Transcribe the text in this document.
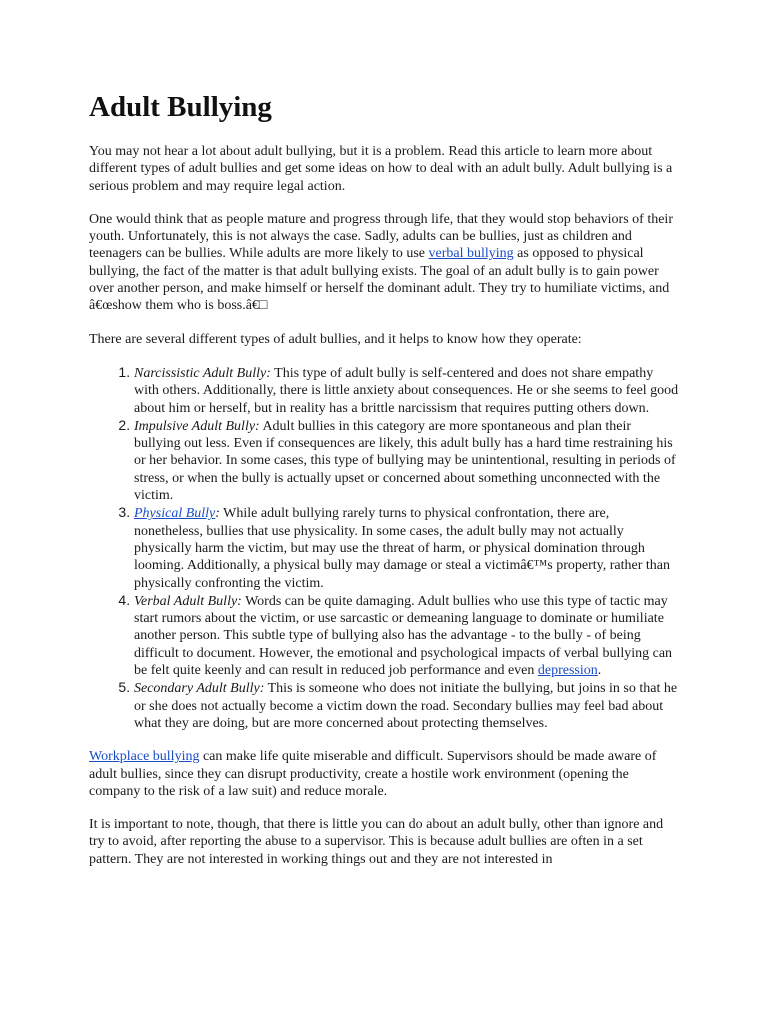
Adult Bullying

You may not hear a lot about adult bullying, but it is a problem. Read this article to learn more about different types of adult bullies and get some ideas on how to deal with an adult bully. Adult bullying is a serious problem and may require legal action.

One would think that as people mature and progress through life, that they would stop behaviors of their youth. Unfortunately, this is not always the case. Sadly, adults can be bullies, just as children and teenagers can be bullies. While adults are more likely to use verbal bullying as opposed to physical bullying, the fact of the matter is that adult bullying exists. The goal of an adult bully is to gain power over another person, and make himself or herself the dominant adult. They try to humiliate victims, and â€œshow them who is boss.â€□

There are several different types of adult bullies, and it helps to know how they operate:

1. Narcissistic Adult Bully: This type of adult bully is self-centered and does not share empathy with others. Additionally, there is little anxiety about consequences. He or she seems to feel good about him or herself, but in reality has a brittle narcissism that requires putting others down.
2. Impulsive Adult Bully: Adult bullies in this category are more spontaneous and plan their bullying out less. Even if consequences are likely, this adult bully has a hard time restraining his or her behavior. In some cases, this type of bullying may be unintentional, resulting in periods of stress, or when the bully is actually upset or concerned about something unconnected with the victim.
3. Physical Bully: While adult bullying rarely turns to physical confrontation, there are, nonetheless, bullies that use physicality. In some cases, the adult bully may not actually physically harm the victim, but may use the threat of harm, or physical domination through looming. Additionally, a physical bully may damage or steal a victimâ€™s property, rather than physically confronting the victim.
4. Verbal Adult Bully: Words can be quite damaging. Adult bullies who use this type of tactic may start rumors about the victim, or use sarcastic or demeaning language to dominate or humiliate another person. This subtle type of bullying also has the advantage - to the bully - of being difficult to document. However, the emotional and psychological impacts of verbal bullying can be felt quite keenly and can result in reduced job performance and even depression.
5. Secondary Adult Bully: This is someone who does not initiate the bullying, but joins in so that he or she does not actually become a victim down the road. Secondary bullies may feel bad about what they are doing, but are more concerned about protecting themselves.

Workplace bullying can make life quite miserable and difficult. Supervisors should be made aware of adult bullies, since they can disrupt productivity, create a hostile work environment (opening the company to the risk of a law suit) and reduce morale.

It is important to note, though, that there is little you can do about an adult bully, other than ignore and try to avoid, after reporting the abuse to a supervisor. This is because adult bullies are often in a set pattern. They are not interested in working things out and they are not interested in
